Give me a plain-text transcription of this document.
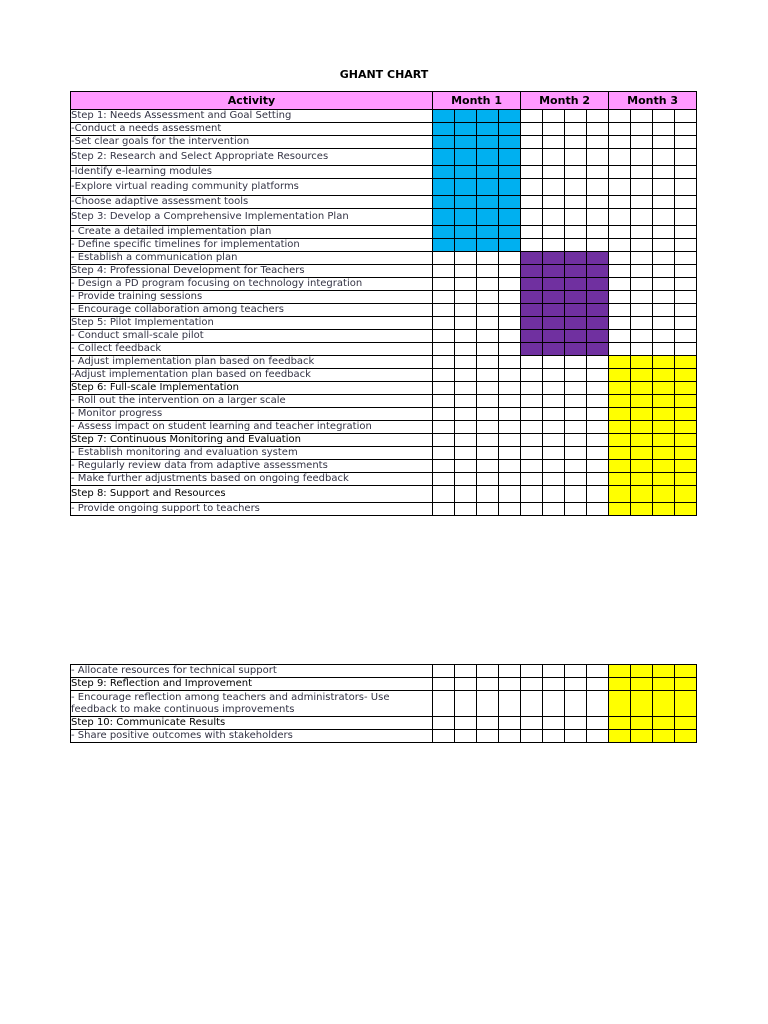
GHANT CHART
Activity	Month 1				Month 2				Month 3			
Step 1: Needs Assessment and Goal Setting												
-Conduct a needs assessment												
-Set clear goals for the intervention												
Step 2: Research and Select Appropriate Resources												
-Identify e-learning modules												
-Explore virtual reading community platforms												
-Choose adaptive assessment tools												
Step 3: Develop a Comprehensive Implementation Plan												
- Create a detailed implementation plan												
- Define specific timelines for implementation												
- Establish a communication plan												
Step 4: Professional Development for Teachers												
- Design a PD program focusing on technology integration												
- Provide training sessions												
- Encourage collaboration among teachers												
Step 5: Pilot Implementation												
- Conduct small-scale pilot												
- Collect feedback												
- Adjust implementation plan based on feedback												
-Adjust implementation plan based on feedback												
Step 6: Full-scale Implementation												
- Roll out the intervention on a larger scale												
- Monitor progress												
- Assess impact on student learning and teacher integration												
Step 7: Continuous Monitoring and Evaluation												
- Establish monitoring and evaluation system												
- Regularly review data from adaptive assessments												
- Make further adjustments based on ongoing feedback												
Step 8: Support and Resources												
- Provide ongoing support to teachers												
- Allocate resources for technical support												
Step 9: Reflection and Improvement												
- Encourage reflection among teachers and administrators- Use feedback to make continuous improvements												
Step 10: Communicate Results												
- Share positive outcomes with stakeholders												
